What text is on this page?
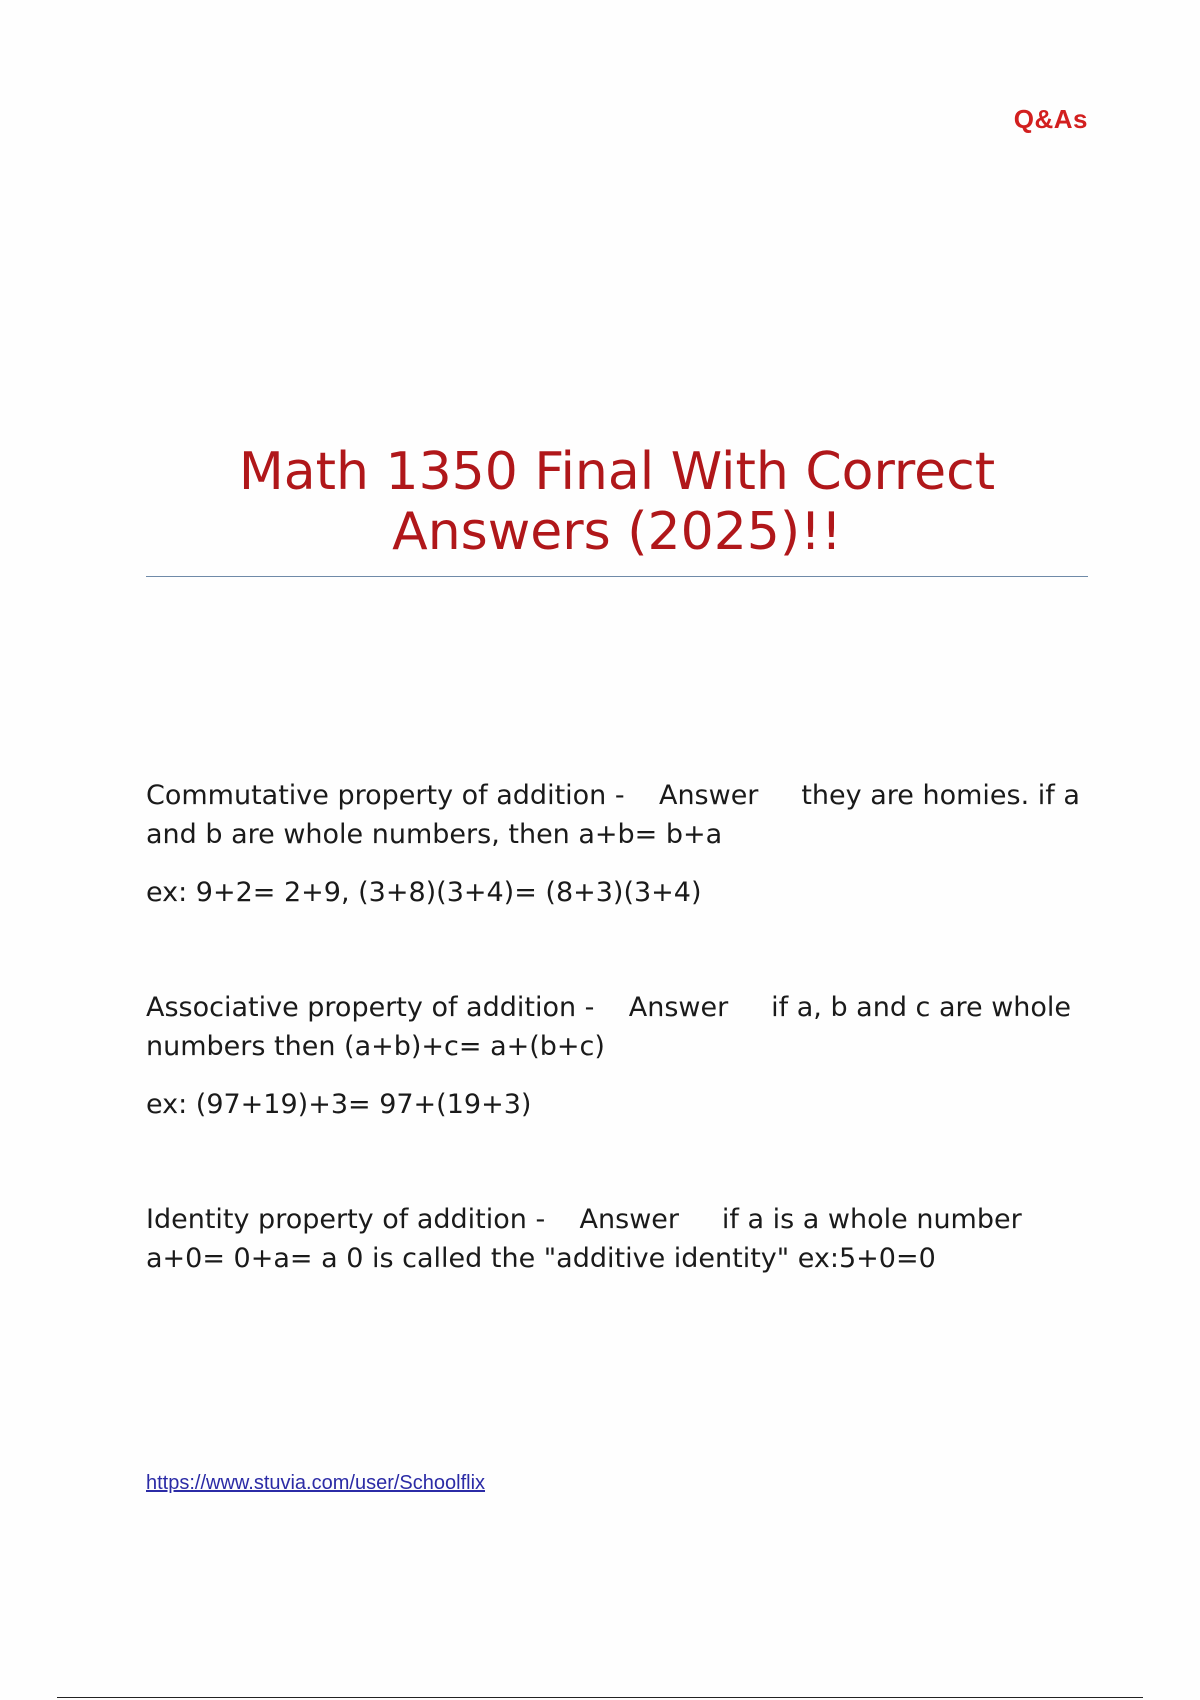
Q&As
Math 1350 Final With Correct
Answers (2025)!!

Commutative property of addition - Answer they are homies. if a and b are whole numbers, then a+b= b+a

ex: 9+2= 2+9, (3+8)(3+4)= (8+3)(3+4)

Associative property of addition - Answer if a, b and c are whole numbers then (a+b)+c= a+(b+c)

ex: (97+19)+3= 97+(19+3)

Identity property of addition - Answer if a is a whole number a+0= 0+a= a 0 is called the "additive identity" ex:5+0=0

https://www.stuvia.com/user/Schoolflix
